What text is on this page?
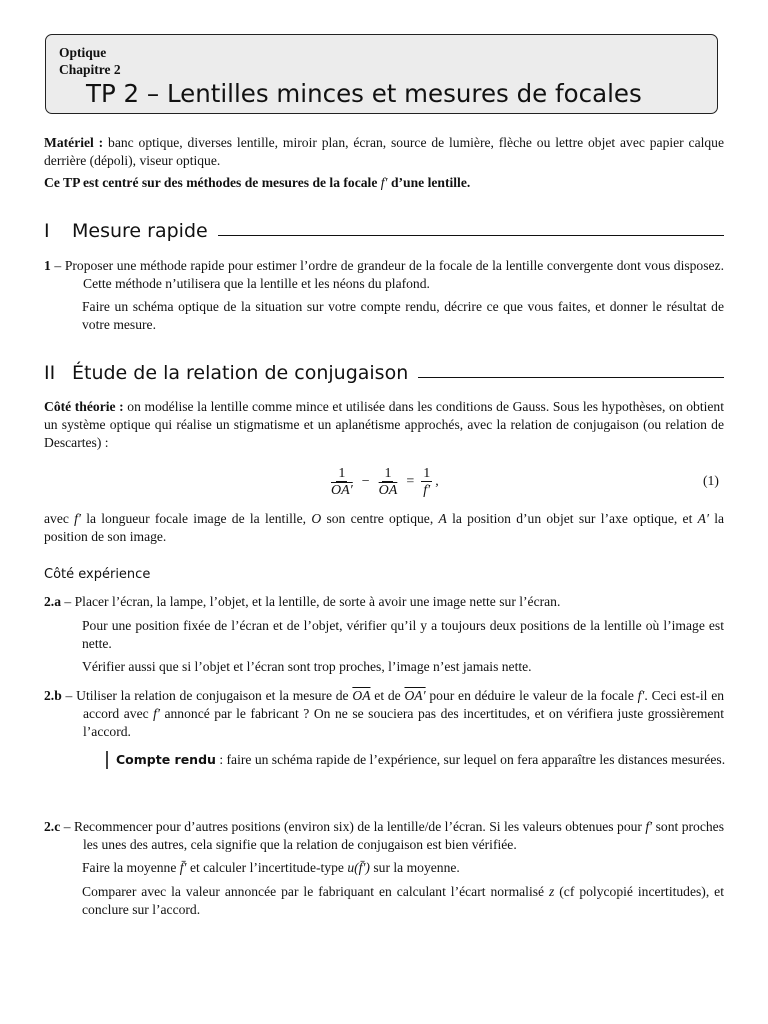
Optique
Chapitre 2
TP 2 – Lentilles minces et mesures de focales
Matériel : banc optique, diverses lentille, miroir plan, écran, source de lumière, flèche ou lettre objet avec papier calque derrière (dépoli), viseur optique.
Ce TP est centré sur des méthodes de mesures de la focale f′ d’une lentille.
I	Mesure rapide
1 – Proposer une méthode rapide pour estimer l’ordre de grandeur de la focale de la lentille convergente dont vous disposez. Cette méthode n’utilisera que la lentille et les néons du plafond.
Faire un schéma optique de la situation sur votre compte rendu, décrire ce que vous faites, et donner le résultat de votre mesure.
II Étude de la relation de conjugaison
Côté théorie : on modélise la lentille comme mince et utilisée dans les conditions de Gauss. Sous les hypothèses, on obtient un système optique qui réalise un stigmatisme et un aplanétisme approchés, avec la relation de conjugaison (ou relation de Descartes) :
$\frac{1}{OA'} - \frac{1}{OA} = \frac{1}{f'}$ ,	(1)
avec f′ la longueur focale image de la lentille, O son centre optique, A la position d’un objet sur l’axe optique, et A′ la position de son image.
Côté expérience
2.a – Placer l’écran, la lampe, l’objet, et la lentille, de sorte à avoir une image nette sur l’écran.
Pour une position fixée de l’écran et de l’objet, vérifier qu’il y a toujours deux positions de la lentille où l’image est nette.
Vérifier aussi que si l’objet et l’écran sont trop proches, l’image n’est jamais nette.
2.b – Utiliser la relation de conjugaison et la mesure de $\overline{OA}$ et de OA′ pour en déduire le valeur de la focale f′. Ceci est-il en accord avec f′ annoncé par le fabricant ? On ne se souciera pas des incertitudes, et on vérifiera juste grossièrement l’accord.
Compte rendu : faire un schéma rapide de l’expérience, sur lequel on fera apparaître les distances mesurées.
2.c – Recommencer pour d’autres positions (environ six) de la lentille/de l’écran. Si les valeurs obtenues pour f′ sont proches les unes des autres, cela signifie que la relation de conjugaison est bien vérifiée.
Faire la moyenne f̄′ et calculer l’incertitude-type u(f̄′) sur la moyenne.
Comparer avec la valeur annoncée par le fabriquant en calculant l’écart normalisé z (cf polycopié incertitudes), et conclure sur l’accord.
